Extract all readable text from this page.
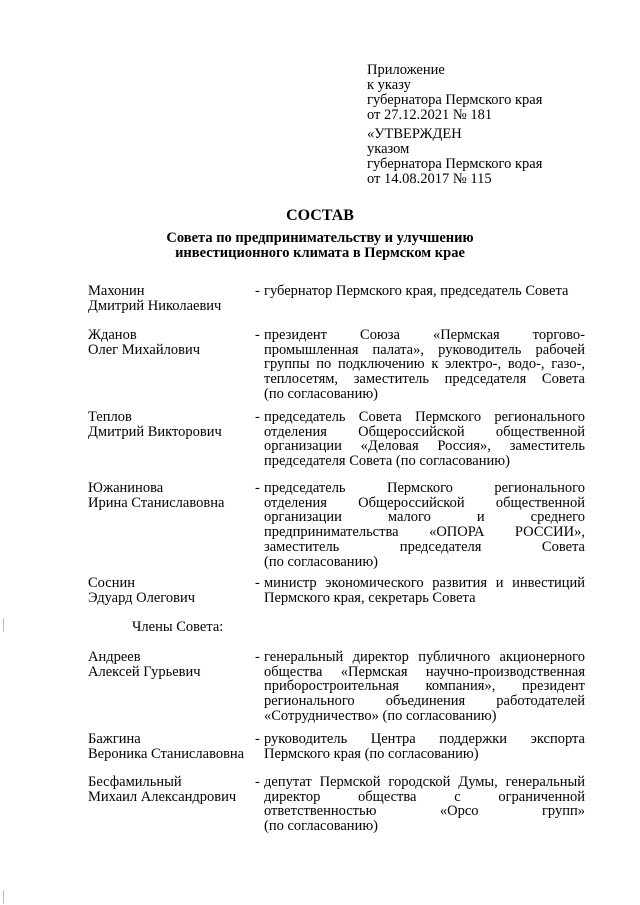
Приложение
к указу
губернатора Пермского края
от 27.12.2021 № 181
«УТВЕРЖДЕН
указом
губернатора Пермского края
от 14.08.2017 № 115
СОСТАВ
Совета по предпринимательству и улучшению
инвестиционного климата в Пермском крае
Махонин
Дмитрий Николаевич
- губернатор Пермского края, председатель Совета
Жданов
Олег Михайлович
- президент Союза «Пермская торгово-
промышленная палата», руководитель рабочей
группы по подключению к электро-, водо-, газо-,
теплосетям, заместитель председателя Совета
(по согласованию)
Теплов
Дмитрий Викторович
- председатель Совета Пермского регионального
отделения Общероссийской общественной
организации «Деловая Россия», заместитель
председателя Совета (по согласованию)
Южанинова
Ирина Станиславовна
- председатель Пермского регионального
отделения Общероссийской общественной
организации малого и среднего
предпринимательства «ОПОРА РОССИИ»,
заместитель председателя Совета
(по согласованию)
Соснин
Эдуард Олегович
- министр экономического развития и инвестиций
Пермского края, секретарь Совета
Андреев
Алексей Гурьевич
- генеральный директор публичного акционерного
общества «Пермская научно-производственная
приборостроительная компания», президент
регионального объединения работодателей
«Сотрудничество» (по согласованию)
Бажгина
Вероника Станиславовна
- руководитель Центра поддержки экспорта
Пермского края (по согласованию)
Бесфамильный
Михаил Александрович
- депутат Пермской городской Думы, генеральный
директор общества с ограниченной
ответственностью «Орсо групп»
(по согласованию)
Члены Совета:
